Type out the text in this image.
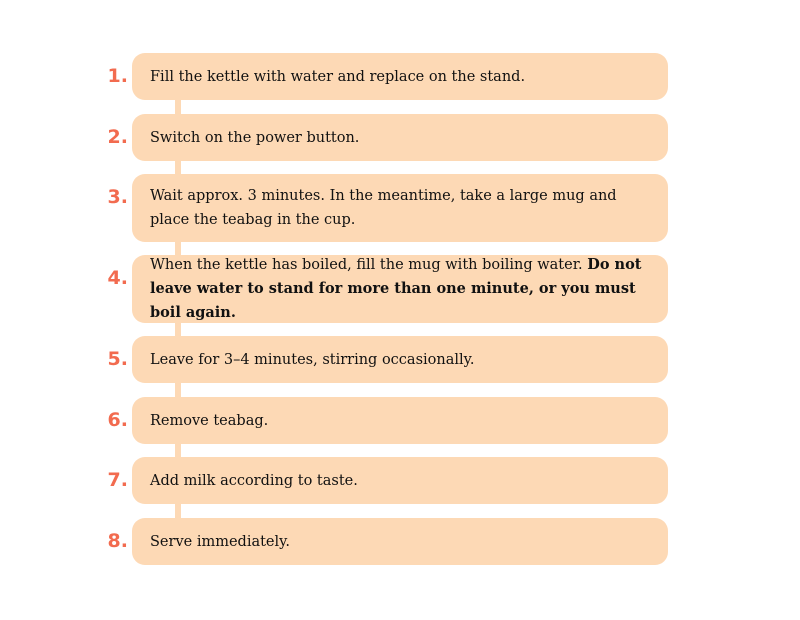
1. Fill the kettle with water and replace on the stand.
2. Switch on the power button.
3. Wait approx. 3 minutes. In the meantime, take a large mug and place the teabag in the cup.
4.
When the kettle has boiled, fill the mug with boiling water. Do not leave water to stand for more than one minute, or you must boil again.
5. Leave for 3–4 minutes, stirring occasionally.
6. Remove teabag.
7. Add milk according to taste.
8. Serve immediately.
